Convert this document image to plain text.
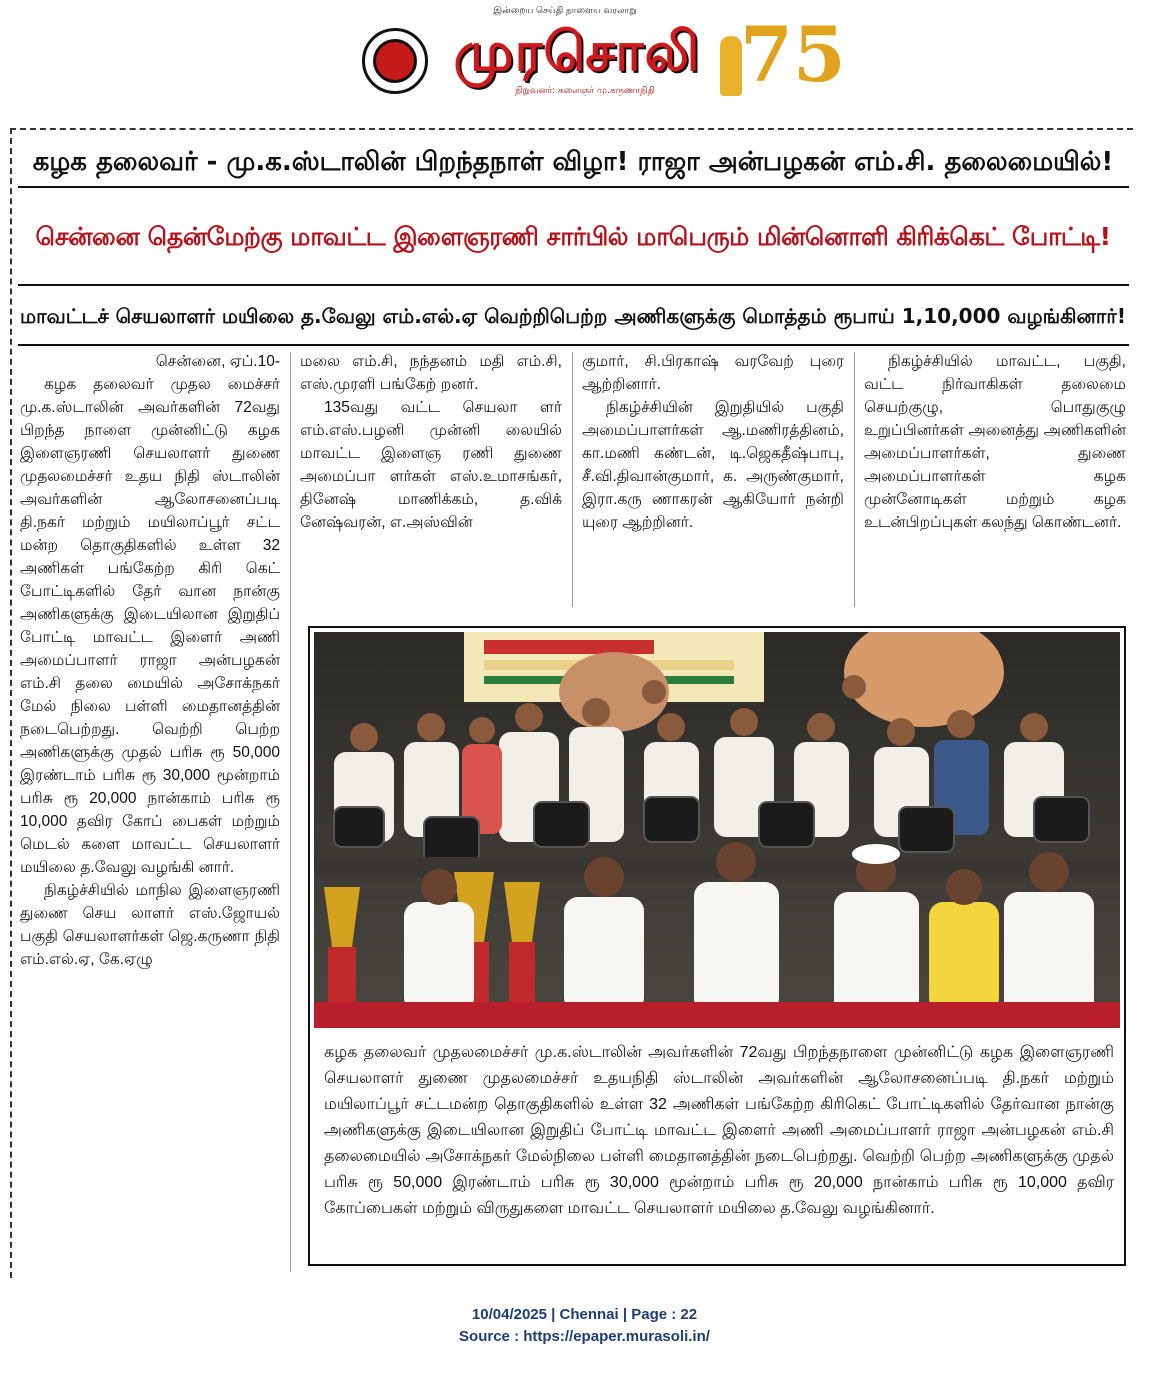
இன்றைய செய்தி நாளைய வரலாறு
முரசொலி
நிறுவனர்: கலைஞர் மு.கருணாநிதி 75
கழக தலைவர் - மு.க.ஸ்டாலின் பிறந்தநாள் விழா! ராஜா அன்பழகன் எம்.சி. தலைமையில்!
சென்னை தென்மேற்கு மாவட்ட இளைஞரணி சார்பில் மாபெரும் மின்னொளி கிரிக்கெட் போட்டி!
மாவட்டச் செயலாளர் மயிலை த.வேலு எம்.எல்.ஏ வெற்றிபெற்ற அணிகளுக்கு மொத்தம் ரூபாய் 1,10,000 வழங்கினார்!

சென்னை, ஏப்.10-

கழக தலைவர் முதல மைச்சர் மு.க.ஸ்டாலின் அவர்களின் 72வது பிறந்த நாளை முன்னிட்டு கழக இளைஞரணி செயலாளர் துணை முதலமைச்சர் உதய நிதி ஸ்டாலின் அவர்களின் ஆலோசனைப்படி தி.நகர் மற்றும் மயிலாப்பூர் சட்ட மன்ற தொகுதிகளில் உள்ள 32 அணிகள் பங்கேற்ற கிரி கெட் போட்டிகளில் தேர் வான நான்கு அணிகளுக்கு இடையிலான இறுதிப் போட்டி மாவட்ட இளைர் அணி அமைப்பாளர் ராஜா அன்பழகன் எம்.சி தலை மையில் அசோக்நகர் மேல் நிலை பள்ளி மைதானத்தின் நடைபெற்றது. வெற்றி பெற்ற அணிகளுக்கு முதல் பரிசு ரூ 50,000 இரண்டாம் பரிசு ரூ 30,000 மூன்றாம் பரிசு ரூ 20,000 நான்காம் பரிசு ரூ 10,000 தவிர கோப் பைகள் மற்றும் மெடல் களை மாவட்ட செயலாளர் மயிலை த.வேலு வழங்கி னார்.

நிகழ்ச்சியில் மாநில இளைஞரணி துணை செய லாளர் எஸ்.ஜோயல் பகுதி செயலாளர்கள் ஜெ.கருணா நிதி எம்.எல்.ஏ, கே.ஏழு

மலை எம்.சி, நந்தனம் மதி எம்.சி, எஸ்.முரளி பங்கேற் றனர்.

135வது வட்ட செயலா ளர் எம்.எஸ்.பழனி முன்னி லையில் மாவட்ட இளைஞ ரணி துணை அமைப்பா ளர்கள் எஸ்.உமாசங்கர், தினேஷ் மாணிக்கம், த.விக் னேஷ்வரன், எ.அஸ்வின்

குமார், சி.பிரகாஷ் வரவேற் புரை ஆற்றினார்.

நிகழ்ச்சியின் இறுதியில் பகுதி அமைப்பாளர்கள் ஆ.மணிரத்தினம், கா.மணி கண்டன், டி.ஜெகதீஷ்பாபு, சீ.வி.திவான்குமார், க. அருண்குமார், இரா.கரு ணாகரன் ஆகியோர் நன்றி யுரை ஆற்றினர்.

நிகழ்ச்சியில் மாவட்ட, பகுதி, வட்ட நிர்வாகிகள் தலைமை செயற்குழு, பொதுகுழு உறுப்பினர்கள் அனைத்து அணிகளின் அமைப்பாளர்கள், துணை அமைப்பாளர்கள் கழக முன்னோடிகள் மற்றும் கழக உடன்பிறப்புகள் கலந்து கொண்டனர்.

கழக தலைவர் முதலமைச்சர் மு.க.ஸ்டாலின் அவர்களின் 72வது பிறந்தநாளை முன்னிட்டு கழக இளைஞரணி செயலாளர் துணை முதலமைச்சர் உதயநிதி ஸ்டாலின் அவர்களின் ஆலோசனைப்படி தி.நகர் மற்றும் மயிலாப்பூர் சட்டமன்ற தொகுதிகளில் உள்ள 32 அணிகள் பங்கேற்ற கிரிகெட் போட்டிகளில் தேர்வான நான்கு அணிகளுக்கு இடையிலான இறுதிப் போட்டி மாவட்ட இளைர் அணி அமைப்பாளர் ராஜா அன்பழகன் எம்.சி தலைமையில் அசோக்நகர் மேல்நிலை பள்ளி மைதானத்தின் நடைபெற்றது. வெற்றி பெற்ற அணிகளுக்கு முதல் பரிசு ரூ 50,000 இரண்டாம் பரிசு ரூ 30,000 மூன்றாம் பரிசு ரூ 20,000 நான்காம் பரிசு ரூ 10,000 தவிர கோப்பைகள் மற்றும் விருதுகளை மாவட்ட செயலாளர் மயிலை த.வேலு வழங்கினார்.
10/04/2025 | Chennai | Page : 22
Source : https://epaper.murasoli.in/
